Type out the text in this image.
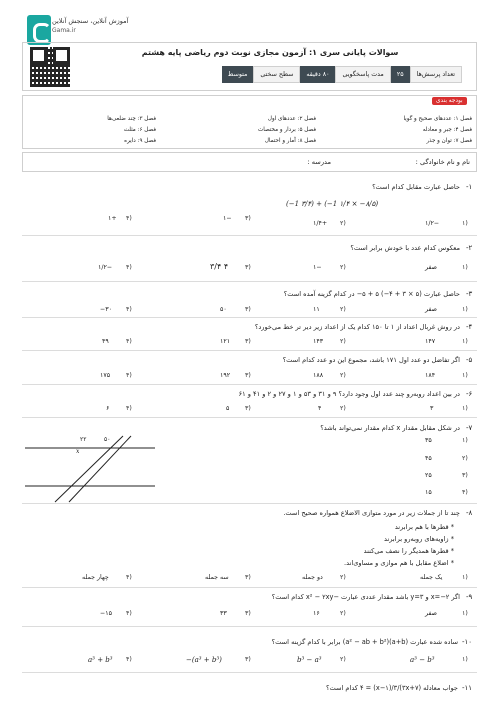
آموزش آنلاین، سنجش آنلاین
Gama.ir
سوالات پایانی سری ۱: آزمون مجازی نوبت دوم ریاضی پایه هشتم
تعداد پرسش‌ها
۲۵
مدت پاسخگویی
۸۰ دقیقه
سطح سختی
متوسط
بودجه بندی
فصل ۱: عددهای صحیح و گویا
فصل ۲: عددهای اول
فصل ۳: چند ضلعی‌ها
فصل ۴: جبر و معادله
فصل ۵: بردار و مختصات
فصل ۶: مثلث
فصل ۷: توان و جذر
فصل ۸: آمار و احتمال
فصل ۹: دایره
نام و نام خانوادگی :
مدرسه :
-۱
حاصل عبارت مقابل کدام است؟
(−1 ۳/۴) + (−1 ۱/۴ × −۸/۵)
۱)
−۱/۲
۲)
+۱/۴
۳)
−۱
۴)
+۱
-۲
معکوس کدام عدد با خودش برابر است؟
۱)
صفر
۲)
−۱
۳)
۴ ۳/۴
۴)
−۱/۲
-۳
حاصل عبارت (۵ × ۳ + ۴−) ۵ + ۵− در کدام گزینه آمده است؟
۱)
صفر
۲)
۱۱
۳)
۵۰
۴)
۳۰−
-۴
در روش غربال اعداد از ۱ تا ۱۵۰ کدام یک از اعداد زیر دیر تر خط می‌خورد؟
۱)
۱۴۷
۲)
۱۴۳
۳)
۱۲۱
۴)
۴۹
-۵
اگر تفاضل دو عدد اول ۱۷۱ باشد، مجموع این دو عدد کدام است؟
۱)
۱۸۴
۲)
۱۸۸
۳)
۱۹۲
۴)
۱۷۵
-۶
در بین اعداد روبه‌رو چند عدد اول وجود دارد؟ ۹ و ۳۱ و ۵۳ و ۱ و ۲۷ و ۲ و ۴۱ و ۶۱
۱)
۳
۲)
۴
۳)
۵
۴)
۶
-۷
در شکل مقابل مقدار x کدام مقدار نمی‌تواند باشد؟
۲۲	۵۰
x
۱)
۳۵
۲)
۴۵
۳)
۲۵
۴)
۱۵
-۸
چند تا از جملات زیر در مورد متوازی الاضلاع همواره صحیح است.
* قطرها با هم برابرند
* زاویه‌های روبه‌رو برابرند
* قطرها همدیگر را نصف می‌کنند
* اضلاع مقابل با هم موازی و مساوی‌اند.
۱)
یک جمله
۲)
دو جمله
۳)
سه جمله
۴)
چهار جمله
-۹
اگر x=−۲ و y=۳ باشد مقدار عددی عبارت −x² − ۲xy کدام است؟
۱)
صفر
۲)
۱۶
۳)
۳۳
۴)
۱۵−
-۱۰
ساده شده عبارت (a+b)(a² − ab + b²) برابر با کدام گزینه است؟
۱)
a³ − b³
۲)
b³ − a³
۳)
−(a³ + b³)
۴)
a³ + b³
-۱۱
جواب معادله (۳x+۷)/۴ = (x−۱)/۳ کدام است؟
